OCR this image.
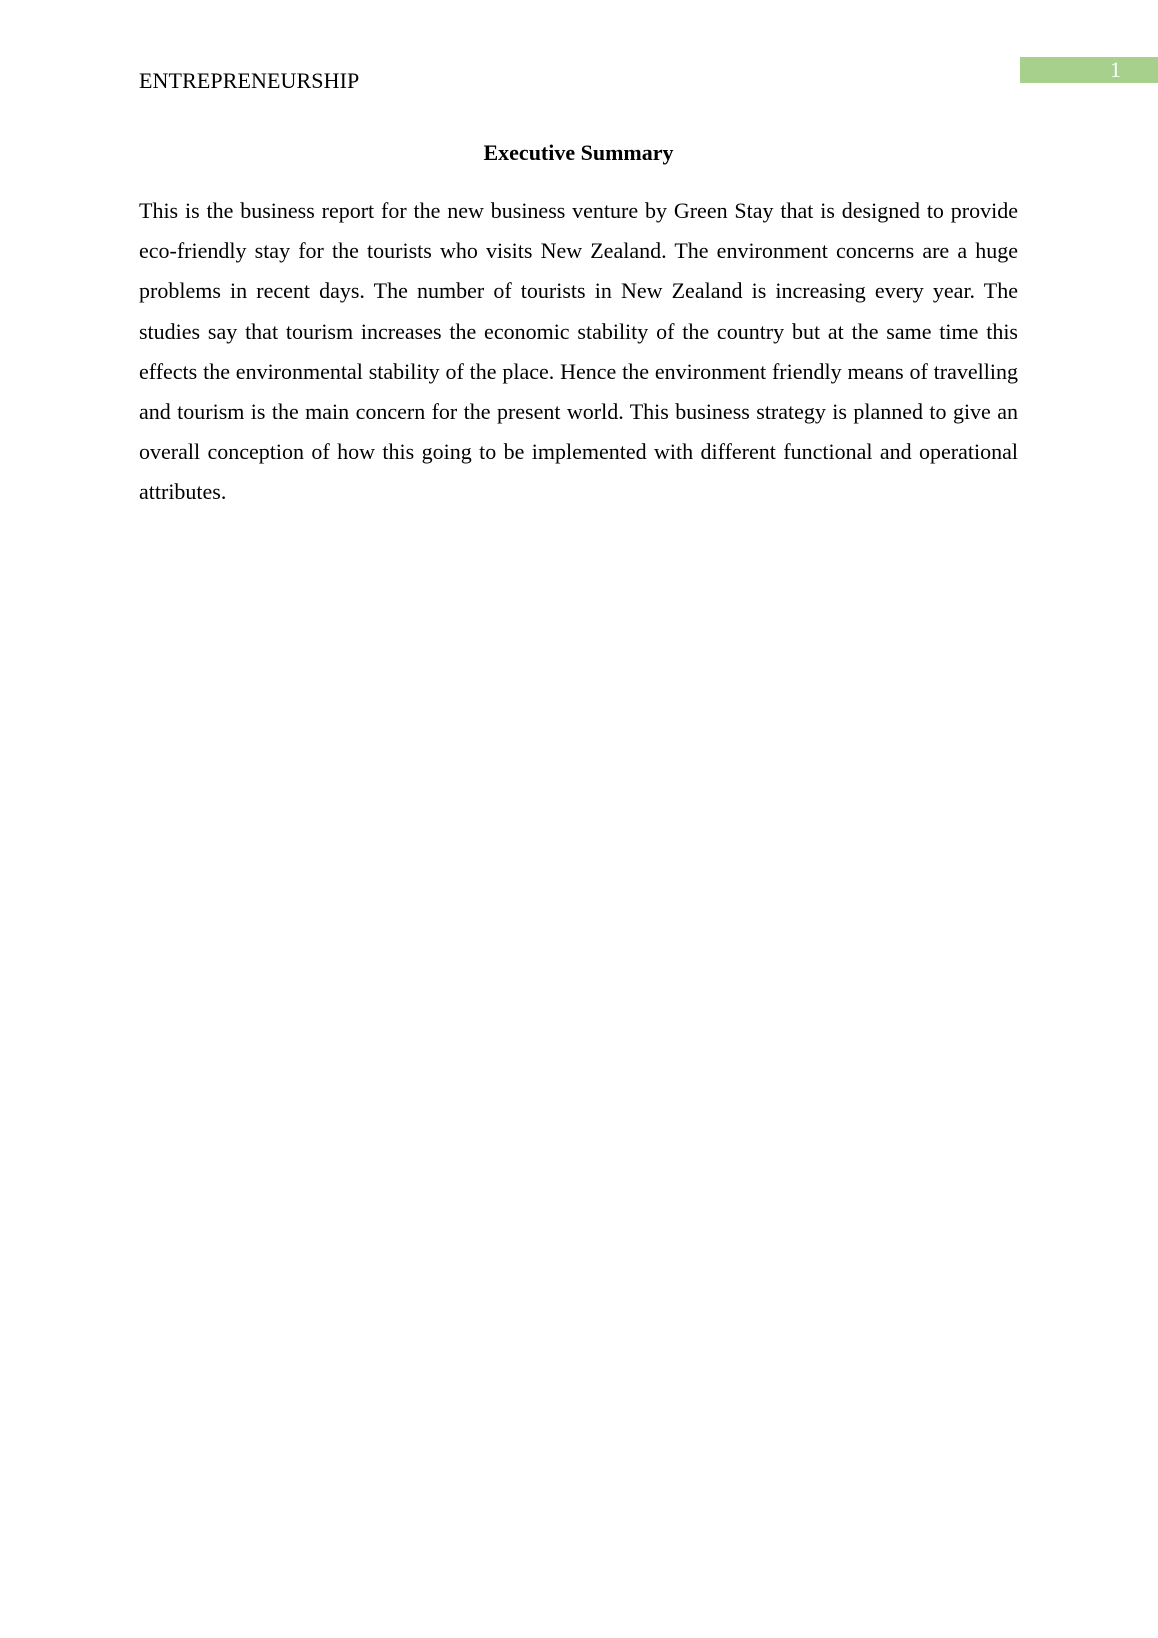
ENTREPRENEURSHIP	1
Executive Summary

This is the business report for the new business venture by Green Stay that is designed to provide eco-friendly stay for the tourists who visits New Zealand. The environment concerns are a huge problems in recent days. The number of tourists in New Zealand is increasing every year. The studies say that tourism increases the economic stability of the country but at the same time this effects the environmental stability of the place. Hence the environment friendly means of travelling and tourism is the main concern for the present world. This business strategy is planned to give an overall conception of how this going to be implemented with different functional and operational attributes.
